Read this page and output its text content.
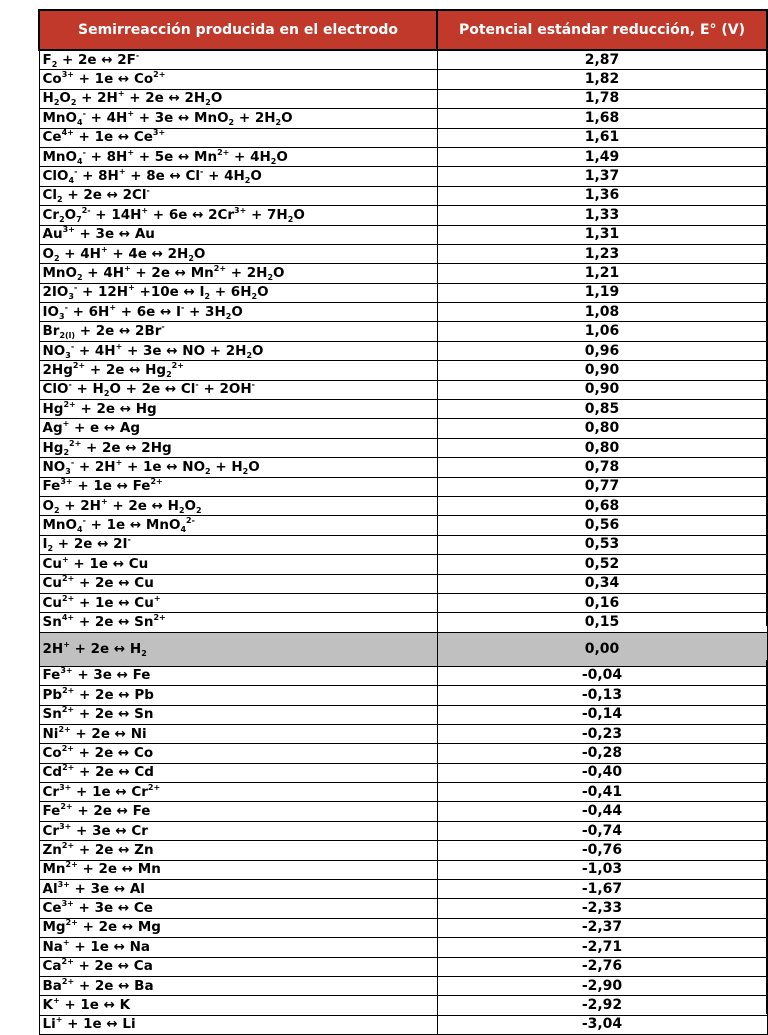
Semirreacción producida en el electrodo	Potencial estándar reducción, E° (V)
$F_2 + 2e$ ↔ 2F-	2,87
$Co^{3+} + 1e$ ↔ $Co^{2+}$	1,82
$H_2O_2 + 2H^+ + 2e$ ↔ $2H_2O$	1,78
MnO$_4$- + 4H+ + 3e ↔ $MnO_2 + 2H_2O$	1,68
$Ce^{4+} + 1e$ ↔ $Ce^{3+}$	1,61
MnO$_4$- + 8H+ + 5e ↔ $Mn^{2+} + 4H_2O$	1,49
ClO$_4$- + 8H+ + 8e ↔ $Cl^- + 4H_2O$	1,37
$Cl_2 + 2e$ ↔ 2Cl-	1,36
$Cr_2O_7^{2-} + 14H^+ + 6e$ ↔ $2Cr^{3+} + 7H_2O$	1,33
$Au^{3+} + 3e$ ↔ Au	1,31
$O_2 + 4H^+ + 4e$ ↔ $2H_2O$	1,23
MnO$_2$ + 4H+ + 2e ↔ $Mn^{2+} + 2H_2O$	1,21
$2IO_3^- + 12H^+ +10e$ ↔ $I_2 + 6H_2O$	1,19
$IO_3^- + 6H^+ + 6e$ ↔ $I^- + 3H_2O$	1,08
$Br_{2(l)} + 2e$ ↔ 2Br-	1,06
$NO_3^- + 4H^+ + 3e$ ↔ NO + $2H_2O$	0,96
$2Hg^{2+} + 2e$ ↔ $Hg_2^{2+}$	0,90
$ClO^- + H_2O + 2e$ ↔ Cl- + 2OH-	0,90
$Hg^{2+} + 2e$ ↔ Hg	0,85
Ag+ + e ↔ Ag	0,80
$Hg_2^{2+} + 2e$ ↔ 2Hg	0,80
$NO_3^- + 2H^+ + 1e$ ↔ $NO_2 + H_2O$	0,78
$Fe^{3+} + 1e$ ↔ $Fe^{2+}$	0,77
$O_2 + 2H^+ + 2e$ ↔ $H_2O_2$	0,68
MnO$_4$- + 1e ↔ MnO$_4^{2-}$	0,56
$I_2 + 2e$ ↔ 2I-	0,53
Cu+ + 1e ↔ Cu	0,52
$Cu^{2+} + 2e$ ↔ Cu	0,34
$Cu^{2+} + 1e$ ↔ Cu+	0,16
$Sn^{4+} + 2e$ ↔ $Sn^{2+}$	0,15
2H+ + 2e ↔ $H_2$	0,00
$Fe^{3+} + 3e$ ↔ Fe	-0,04
$Pb^{2+} + 2e$ ↔ Pb	-0,13
$Sn^{2+} + 2e$ ↔ Sn	-0,14
$Ni^{2+} + 2e$ ↔ Ni	-0,23
$Co^{2+} + 2e$ ↔ Co	-0,28
$Cd^{2+} + 2e$ ↔ Cd	-0,40
$Cr^{3+} + 1e$ ↔ $Cr^{2+}$	-0,41
$Fe^{2+} + 2e$ ↔ Fe	-0,44
$Cr^{3+} + 3e$ ↔ Cr	-0,74
$Zn^{2+} + 2e$ ↔ Zn	-0,76
$Mn^{2+} + 2e$ ↔ Mn	-1,03
$Al^{3+} + 3e$ ↔ Al	-1,67
$Ce^{3+} + 3e$ ↔ Ce	-2,33
$Mg^{2+} + 2e$ ↔ Mg	-2,37
Na+ + 1e ↔ Na	-2,71
$Ca^{2+} + 2e$ ↔ Ca	-2,76
$Ba^{2+} + 2e$ ↔ Ba	-2,90
K+ + 1e ↔ K	-2,92
Li+ + 1e ↔ Li	-3,04
